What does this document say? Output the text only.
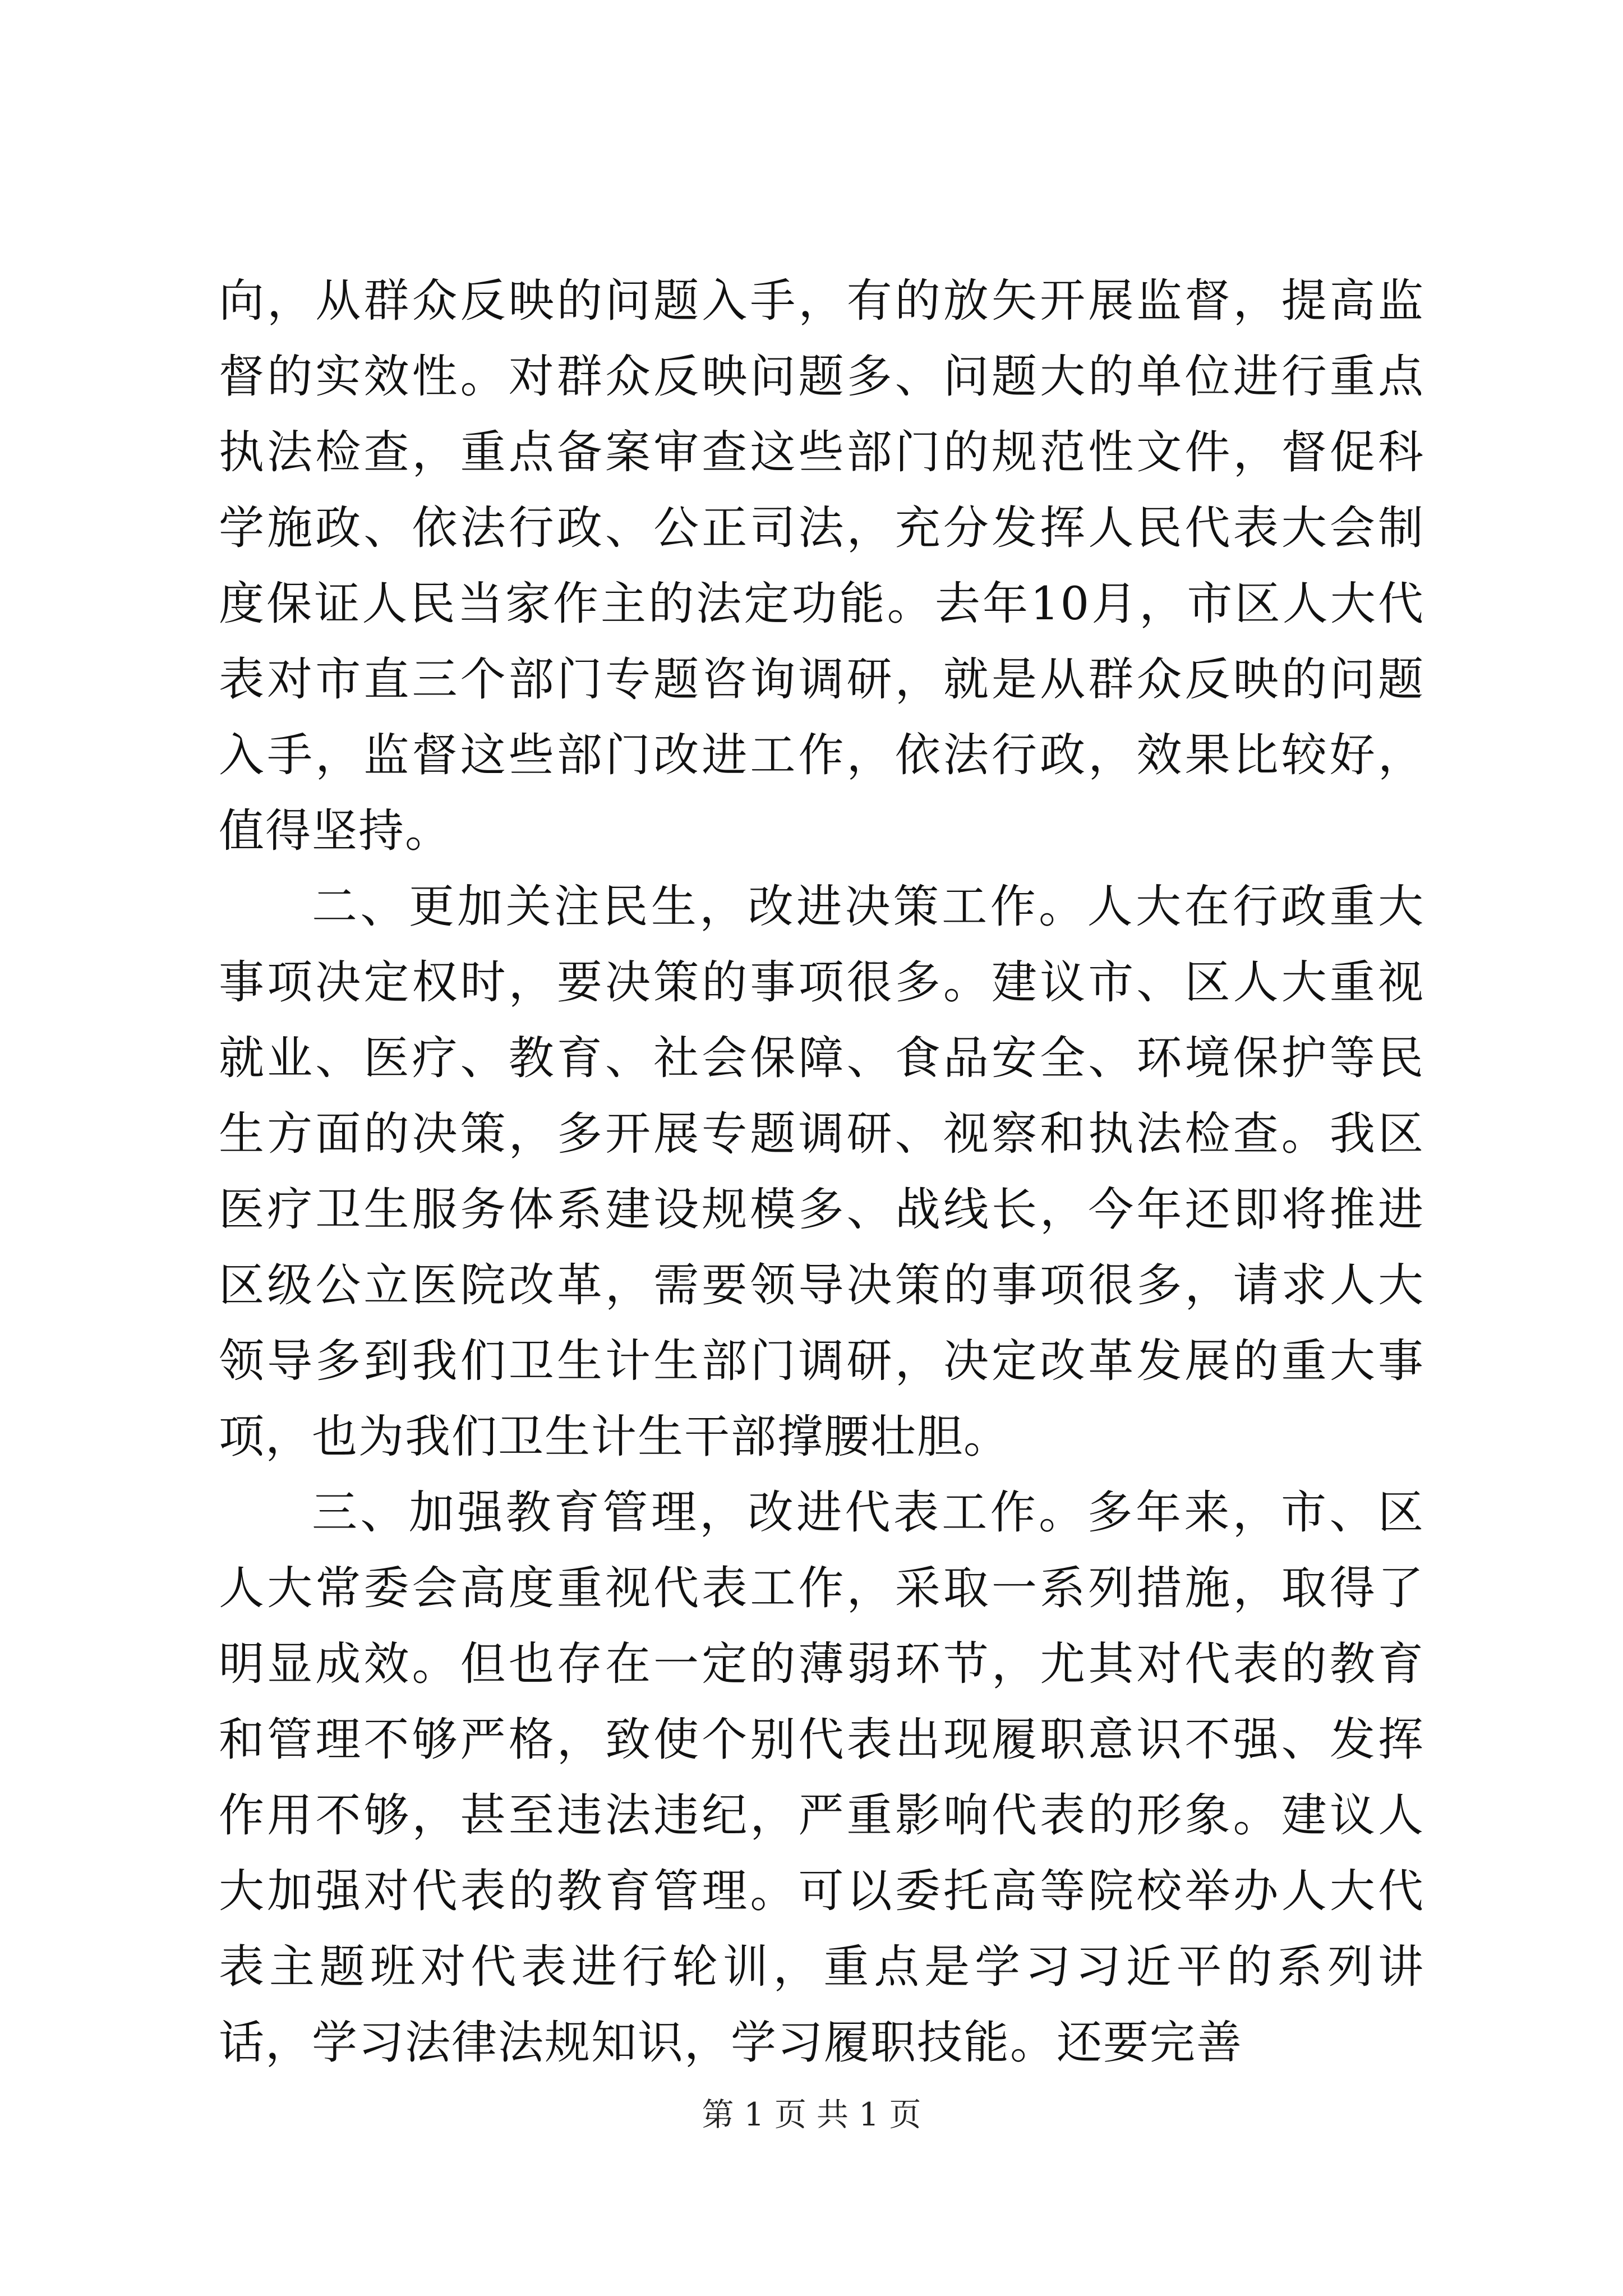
向，从群众反映的问题入手，有的放矢开展监督，提高监督的实效性。对群众反映问题多、问题大的单位进行重点执法检查，重点备案审查这些部门的规范性文件，督促科学施政、依法行政、公正司法，充分发挥人民代表大会制度保证人民当家作主的法定功能。去年10月，市区人大代表对市直三个部门专题咨询调研，就是从群众反映的问题入手，监督这些部门改进工作，依法行政，效果比较好，值得坚持。

二、更加关注民生，改进决策工作。人大在行政重大事项决定权时，要决策的事项很多。建议市、区人大重视就业、医疗、教育、社会保障、食品安全、环境保护等民生方面的决策，多开展专题调研、视察和执法检查。我区医疗卫生服务体系建设规模多、战线长，今年还即将推进区级公立医院改革，需要领导决策的事项很多，请求人大领导多到我们卫生计生部门调研，决定改革发展的重大事项，也为我们卫生计生干部撑腰壮胆。

三、加强教育管理，改进代表工作。多年来，市、区人大常委会高度重视代表工作，采取一系列措施，取得了明显成效。但也存在一定的薄弱环节，尤其对代表的教育和管理不够严格，致使个别代表出现履职意识不强、发挥作用不够，甚至违法违纪，严重影响代表的形象。建议人大加强对代表的教育管理。可以委托高等院校举办人大代表主题班对代表进行轮训，重点是学习习近平的系列讲话，学习法律法规知识，学习履职技能。还要完善

第 1 页 共 1 页
